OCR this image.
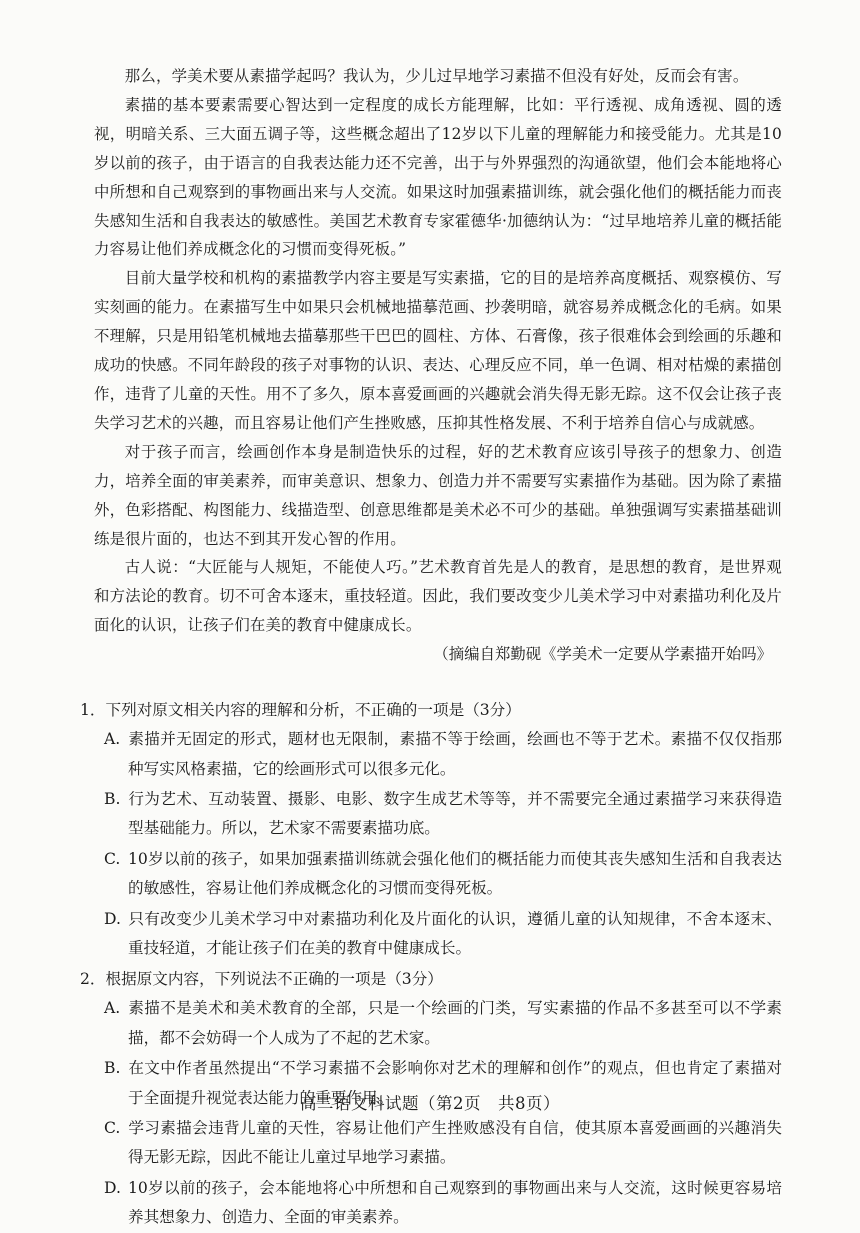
那么，学美术要从素描学起吗？我认为，少儿过早地学习素描不但没有好处，反而会有害。

素描的基本要素需要心智达到一定程度的成长方能理解，比如：平行透视、成角透视、圆的透视，明暗关系、三大面五调子等，这些概念超出了12岁以下儿童的理解能力和接受能力。尤其是10岁以前的孩子，由于语言的自我表达能力还不完善，出于与外界强烈的沟通欲望，他们会本能地将心中所想和自己观察到的事物画出来与人交流。如果这时加强素描训练，就会强化他们的概括能力而丧失感知生活和自我表达的敏感性。美国艺术教育专家霍德华·加德纳认为：“过早地培养儿童的概括能力容易让他们养成概念化的习惯而变得死板。”

目前大量学校和机构的素描教学内容主要是写实素描，它的目的是培养高度概括、观察模仿、写实刻画的能力。在素描写生中如果只会机械地描摹范画、抄袭明暗，就容易养成概念化的毛病。如果不理解，只是用铅笔机械地去描摹那些干巴巴的圆柱、方体、石膏像，孩子很难体会到绘画的乐趣和成功的快感。不同年龄段的孩子对事物的认识、表达、心理反应不同，单一色调、相对枯燥的素描创作，违背了儿童的天性。用不了多久，原本喜爱画画的兴趣就会消失得无影无踪。这不仅会让孩子丧失学习艺术的兴趣，而且容易让他们产生挫败感，压抑其性格发展、不利于培养自信心与成就感。

对于孩子而言，绘画创作本身是制造快乐的过程，好的艺术教育应该引导孩子的想象力、创造力，培养全面的审美素养，而审美意识、想象力、创造力并不需要写实素描作为基础。因为除了素描外，色彩搭配、构图能力、线描造型、创意思维都是美术必不可少的基础。单独强调写实素描基础训练是很片面的，也达不到其开发心智的作用。

古人说：“大匠能与人规矩，不能使人巧。”艺术教育首先是人的教育，是思想的教育，是世界观和方法论的教育。切不可舍本逐末，重技轻道。因此，我们要改变少儿美术学习中对素描功利化及片面化的认识，让孩子们在美的教育中健康成长。

（摘编自郑勤砚《学美术一定要从学素描开始吗》

1．下列对原文相关内容的理解和分析，不正确的一项是（3分）

A. 素描并无固定的形式，题材也无限制，素描不等于绘画，绘画也不等于艺术。素描不仅仅指那种写实风格素描，它的绘画形式可以很多元化。

B. 行为艺术、互动装置、摄影、电影、数字生成艺术等等，并不需要完全通过素描学习来获得造型基础能力。所以，艺术家不需要素描功底。

C. 10岁以前的孩子，如果加强素描训练就会强化他们的概括能力而使其丧失感知生活和自我表达的敏感性，容易让他们养成概念化的习惯而变得死板。

D. 只有改变少儿美术学习中对素描功利化及片面化的认识，遵循儿童的认知规律，不舍本逐末、重技轻道，才能让孩子们在美的教育中健康成长。

2．根据原文内容，下列说法不正确的一项是（3分）

A. 素描不是美术和美术教育的全部，只是一个绘画的门类，写实素描的作品不多甚至可以不学素描，都不会妨碍一个人成为了不起的艺术家。

B. 在文中作者虽然提出“不学习素描不会影响你对艺术的理解和创作”的观点，但也肯定了素描对于全面提升视觉表达能力的重要作用。

C. 学习素描会违背儿童的天性，容易让他们产生挫败感没有自信，使其原本喜爱画画的兴趣消失得无影无踪，因此不能让儿童过早地学习素描。

D. 10岁以前的孩子，会本能地将心中所想和自己观察到的事物画出来与人交流，这时候更容易培养其想象力、创造力、全面的审美素养。

高二语文科试题（第2页　共8页）
